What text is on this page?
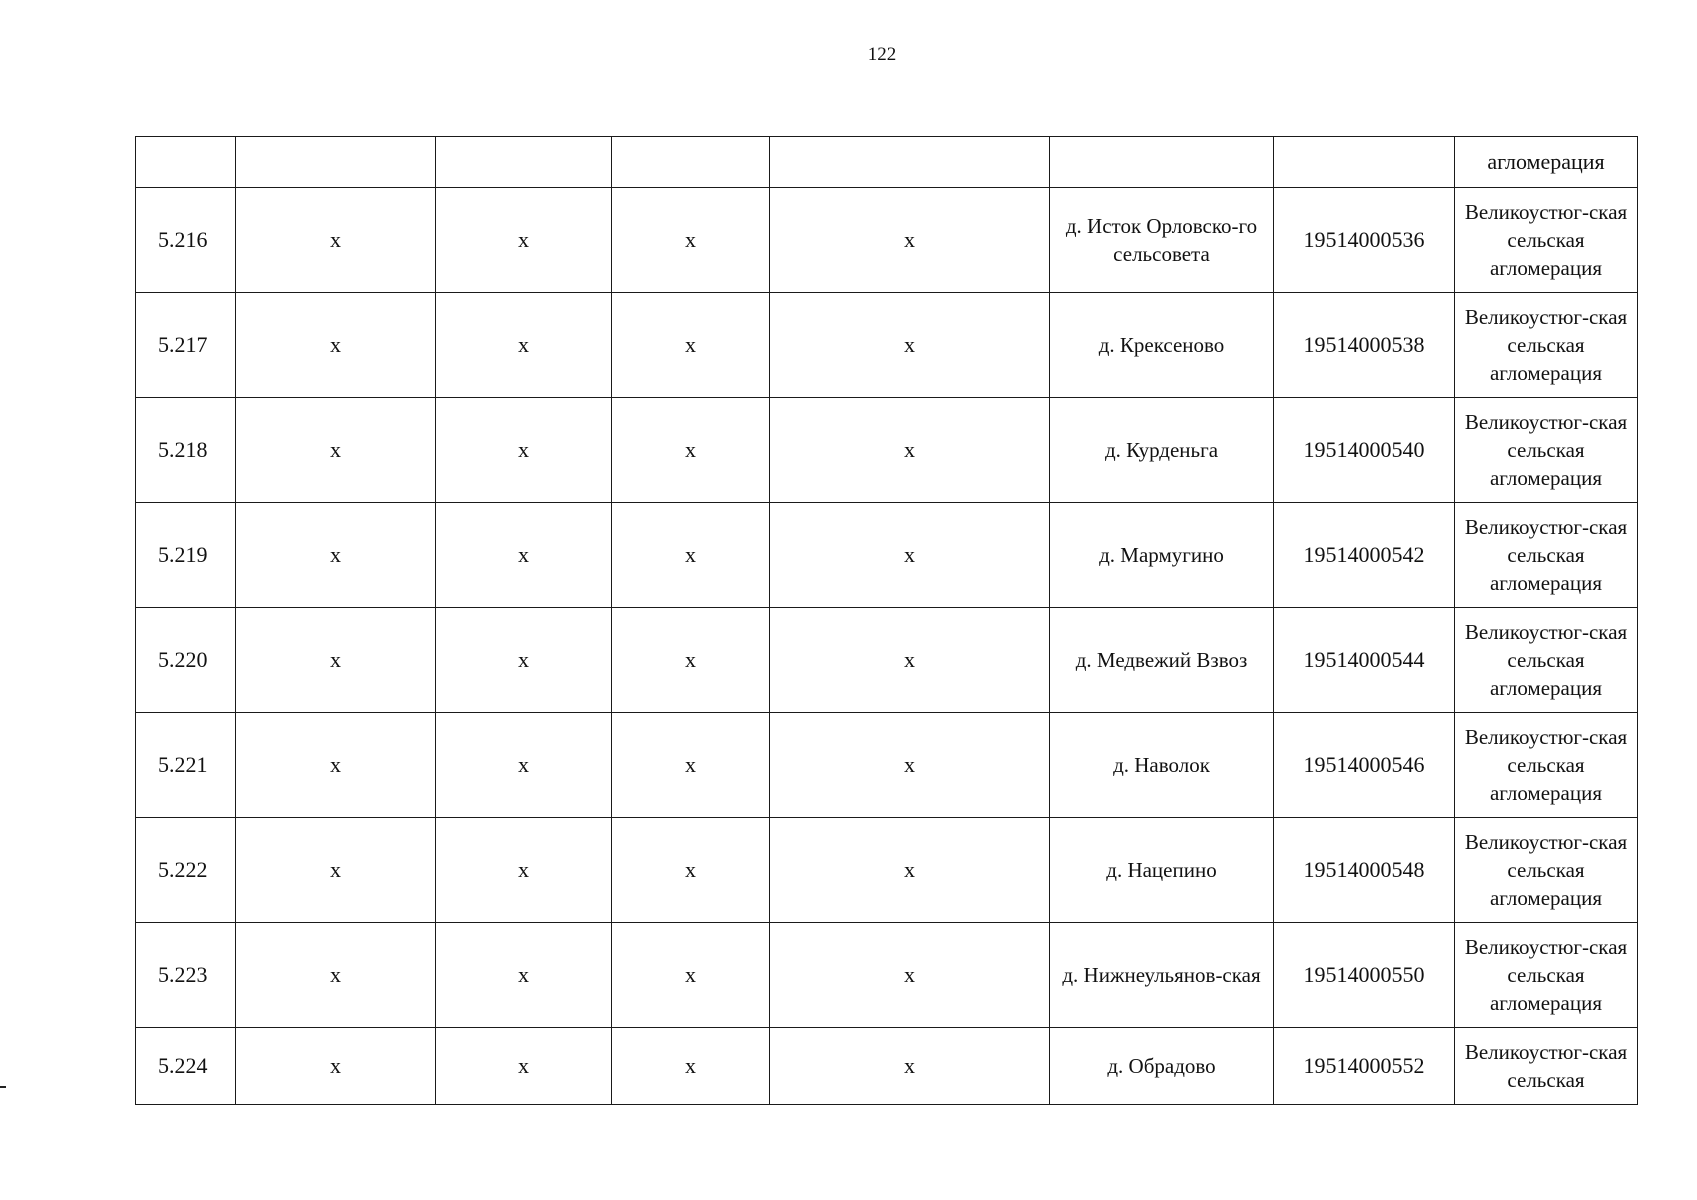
122
							агломерация
5.216	x	x	x	x	д. Исток Орловско-го сельсовета	19514000536	Великоустюг-ская сельская агломерация
5.217	x	x	x	x	д. Крексеново	19514000538	Великоустюг-ская сельская агломерация
5.218	x	x	x	x	д. Курденьга	19514000540	Великоустюг-ская сельская агломерация
5.219	x	x	x	x	д. Мармугино	19514000542	Великоустюг-ская сельская агломерация
5.220	x	x	x	x	д. Медвежий Взвоз	19514000544	Великоустюг-ская сельская агломерация
5.221	x	x	x	x	д. Наволок	19514000546	Великоустюг-ская сельская агломерация
5.222	x	x	x	x	д. Нацепино	19514000548	Великоустюг-ская сельская агломерация
5.223	x	x	x	x	д. Нижнеульянов-ская	19514000550	Великоустюг-ская сельская агломерация
5.224	x	x	x	x	д. Обрадово	19514000552	Великоустюг-ская сельская
